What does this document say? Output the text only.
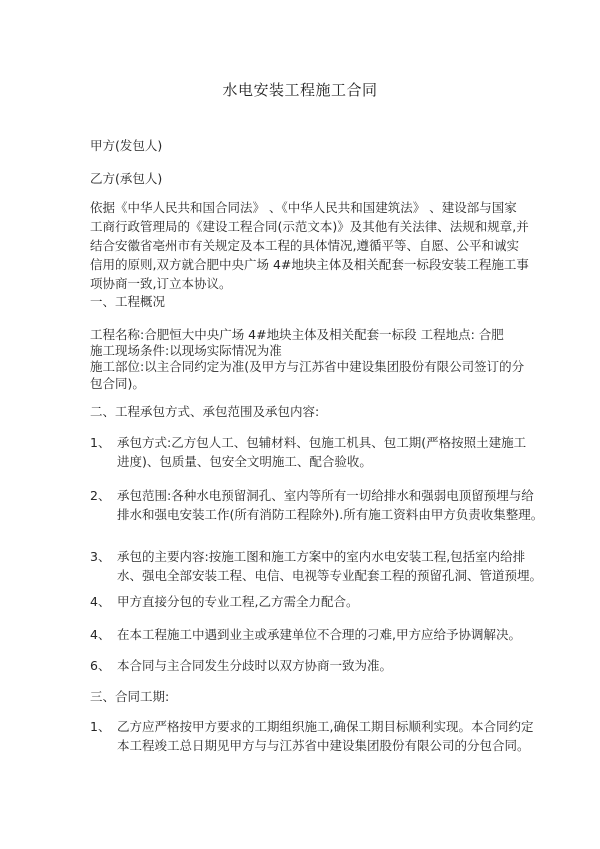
水电安装工程施工合同
甲方(发包人)
乙方(承包人)
依据《中华人民共和国合同法》 、《中华人民共和国建筑法》 、建设部与国家
工商行政管理局的《建设工程合同(示范文本)》及其他有关法律、法规和规章,并
结合安徽省亳州市有关规定及本工程的具体情况,遵循平等、自愿、公平和诚实
信用的原则,双方就合肥中央广场 4#地块主体及相关配套一标段安装工程施工事
项协商一致,订立本协议。
一、工程概况
工程名称:合肥恒大中央广场 4#地块主体及相关配套一标段 工程地点: 合肥
施工现场条件:以现场实际情况为准
施工部位:以主合同约定为准(及甲方与江苏省中建设集团股份有限公司签订的分
包合同)。
二、工程承包方式、承包范围及承包内容:
1、 承包方式:乙方包人工、包辅材料、包施工机具、包工期(严格按照土建施工
进度)、包质量、包安全文明施工、配合验收。
2、 承包范围:各种水电预留洞孔、室内等所有一切给排水和强弱电顶留预埋与给
排水和强电安装工作(所有消防工程除外).所有施工资料由甲方负责收集整理。
3、 承包的主要内容:按施工图和施工方案中的室内水电安装工程,包括室内给排
水、强电全部安装工程、电信、电视等专业配套工程的预留孔洞、管道预埋。
4、 甲方直接分包的专业工程,乙方需全力配合。
4、 在本工程施工中遇到业主或承建单位不合理的刁难,甲方应给予协调解决。
6、 本合同与主合同发生分歧时以双方协商一致为准。
三、合同工期:
1、 乙方应严格按甲方要求的工期组织施工,确保工期目标顺利实现。本合同约定
本工程竣工总日期见甲方与与江苏省中建设集团股份有限公司的分包合同。
